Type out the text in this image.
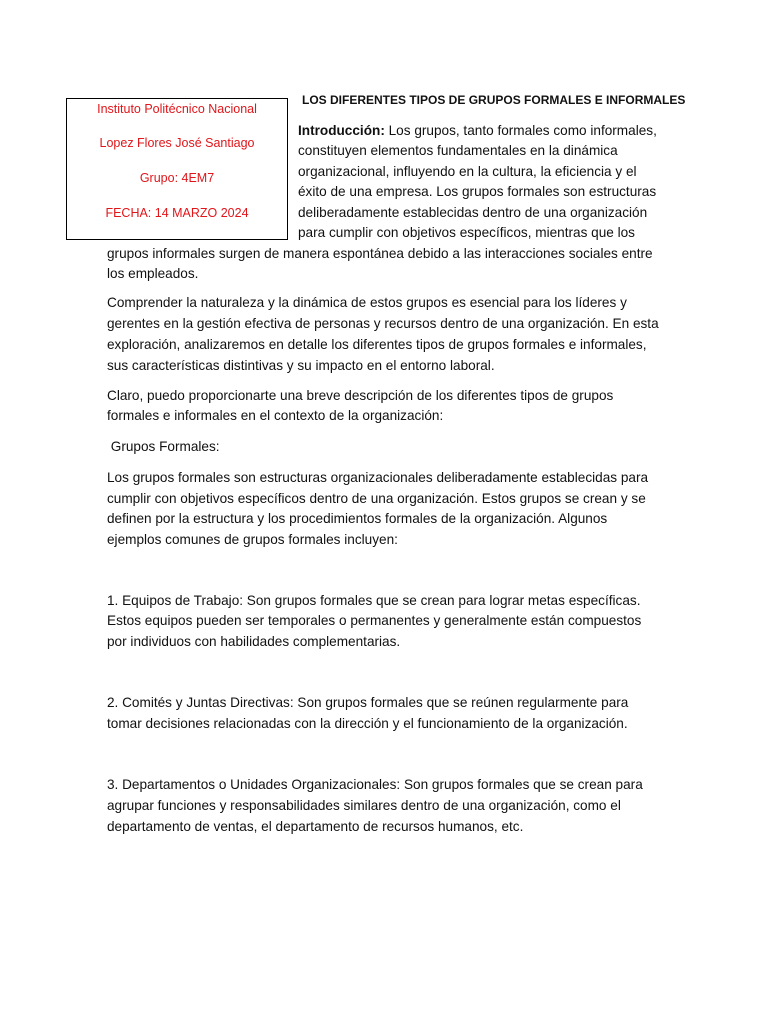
Instituto Politécnico Nacional
Lopez Flores José Santiago
Grupo: 4EM7
FECHA: 14 MARZO 2024
LOS DIFERENTES TIPOS DE GRUPOS FORMALES E INFORMALES
Introducción: Los grupos, tanto formales como informales,
constituyen elementos fundamentales en la dinámica
organizacional, influyendo en la cultura, la eficiencia y el
éxito de una empresa. Los grupos formales son estructuras
deliberadamente establecidas dentro de una organización
para cumplir con objetivos específicos, mientras que los
grupos informales surgen de manera espontánea debido a las interacciones sociales entre
los empleados.
Comprender la naturaleza y la dinámica de estos grupos es esencial para los líderes y
gerentes en la gestión efectiva de personas y recursos dentro de una organización. En esta
exploración, analizaremos en detalle los diferentes tipos de grupos formales e informales,
sus características distintivas y su impacto en el entorno laboral.
Claro, puedo proporcionarte una breve descripción de los diferentes tipos de grupos
formales e informales en el contexto de la organización:
Grupos Formales:
Los grupos formales son estructuras organizacionales deliberadamente establecidas para
cumplir con objetivos específicos dentro de una organización. Estos grupos se crean y se
definen por la estructura y los procedimientos formales de la organización. Algunos
ejemplos comunes de grupos formales incluyen:
1. Equipos de Trabajo: Son grupos formales que se crean para lograr metas específicas.
Estos equipos pueden ser temporales o permanentes y generalmente están compuestos
por individuos con habilidades complementarias.
2. Comités y Juntas Directivas: Son grupos formales que se reúnen regularmente para
tomar decisiones relacionadas con la dirección y el funcionamiento de la organización.
3. Departamentos o Unidades Organizacionales: Son grupos formales que se crean para
agrupar funciones y responsabilidades similares dentro de una organización, como el
departamento de ventas, el departamento de recursos humanos, etc.
